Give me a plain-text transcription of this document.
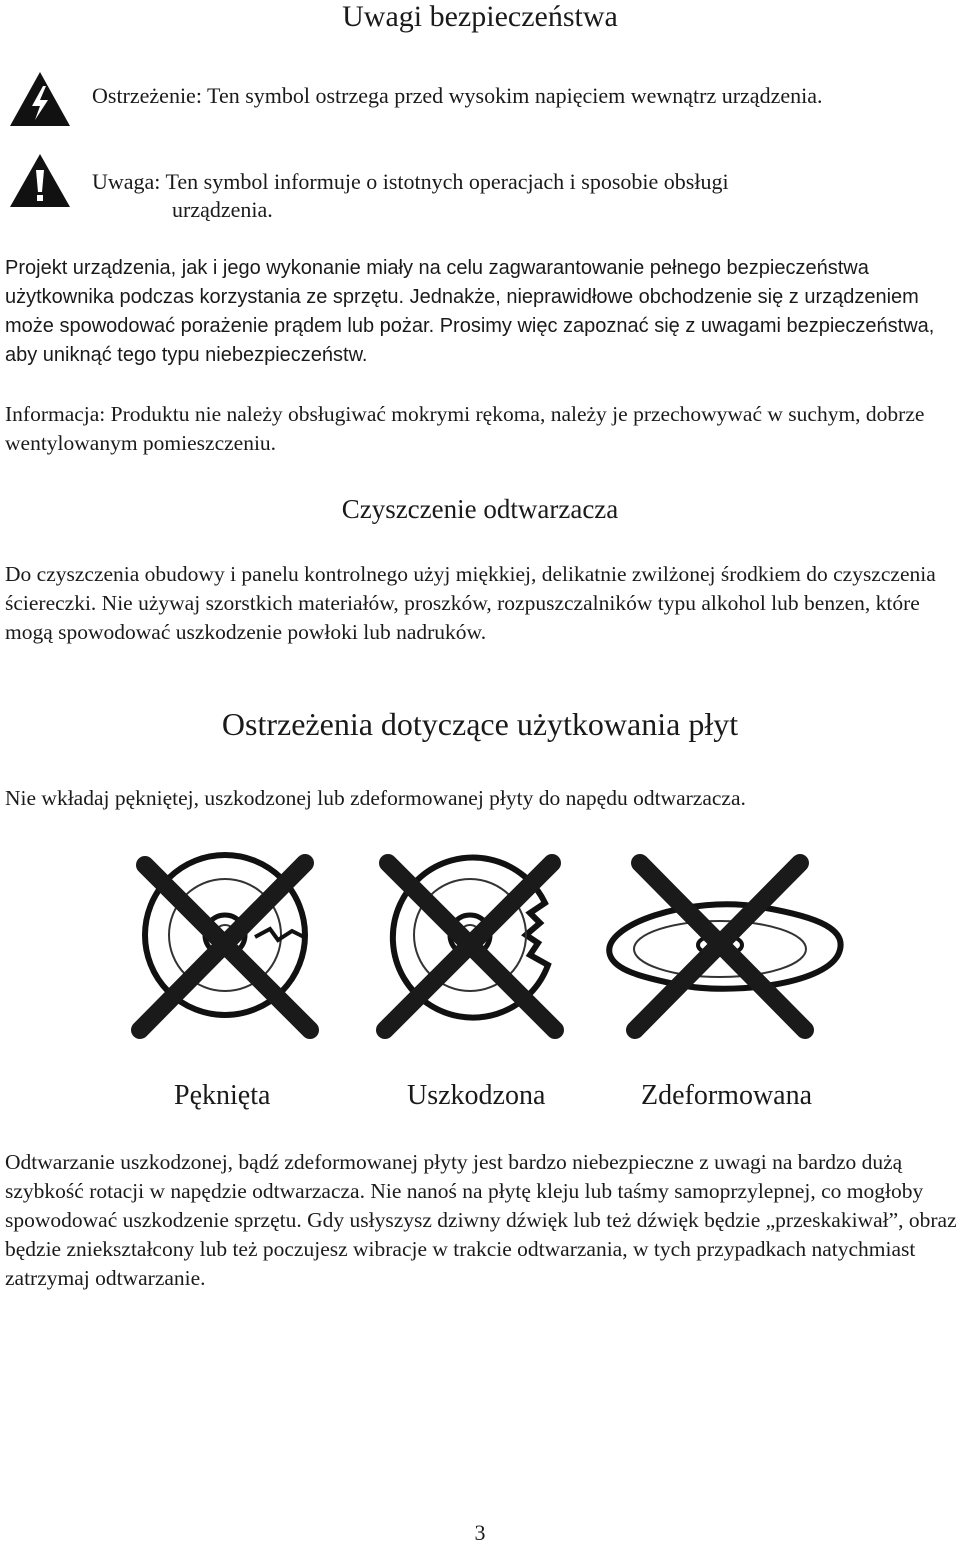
Uwagi bezpieczeństwa
Ostrzeżenie: Ten symbol ostrzega przed wysokim napięciem wewnątrz urządzenia.
Uwaga: Ten symbol informuje o istotnych operacjach i sposobie obsługi
urządzenia.

Projekt urządzenia, jak i jego wykonanie miały na celu zagwarantowanie pełnego bezpieczeństwa użytkownika podczas korzystania ze sprzętu. Jednakże, nieprawidłowe obchodzenie się z urządzeniem może spowodować porażenie prądem lub pożar. Prosimy więc zapoznać się z uwagami bezpieczeństwa, aby uniknąć tego typu niebezpieczeństw.

Informacja: Produktu nie należy obsługiwać mokrymi rękoma, należy je przechowywać w suchym, dobrze wentylowanym pomieszczeniu.

Czyszczenie odtwarzacza

Do czyszczenia obudowy i panelu kontrolnego użyj miękkiej, delikatnie zwilżonej środkiem do czyszczenia ściereczki. Nie używaj szorstkich materiałów, proszków, rozpuszczalników typu alkohol lub benzen, które mogą spowodować uszkodzenie powłoki lub nadruków.

Ostrzeżenia dotyczące użytkowania płyt

Nie wkładaj pękniętej, uszkodzonej lub zdeformowanej płyty do napędu odtwarzacza.

Pęknięta	Uszkodzona	Zdeformowana

Odtwarzanie uszkodzonej, bądź zdeformowanej płyty jest bardzo niebezpieczne z uwagi na bardzo dużą szybkość rotacji w napędzie odtwarzacza. Nie nanoś na płytę kleju lub taśmy samoprzylepnej, co mogłoby spowodować uszkodzenie sprzętu. Gdy usłyszysz dziwny dźwięk lub też dźwięk będzie „przeskakiwał”, obraz będzie zniekształcony lub też poczujesz wibracje w trakcie odtwarzania, w tych przypadkach natychmiast zatrzymaj odtwarzanie.

3
